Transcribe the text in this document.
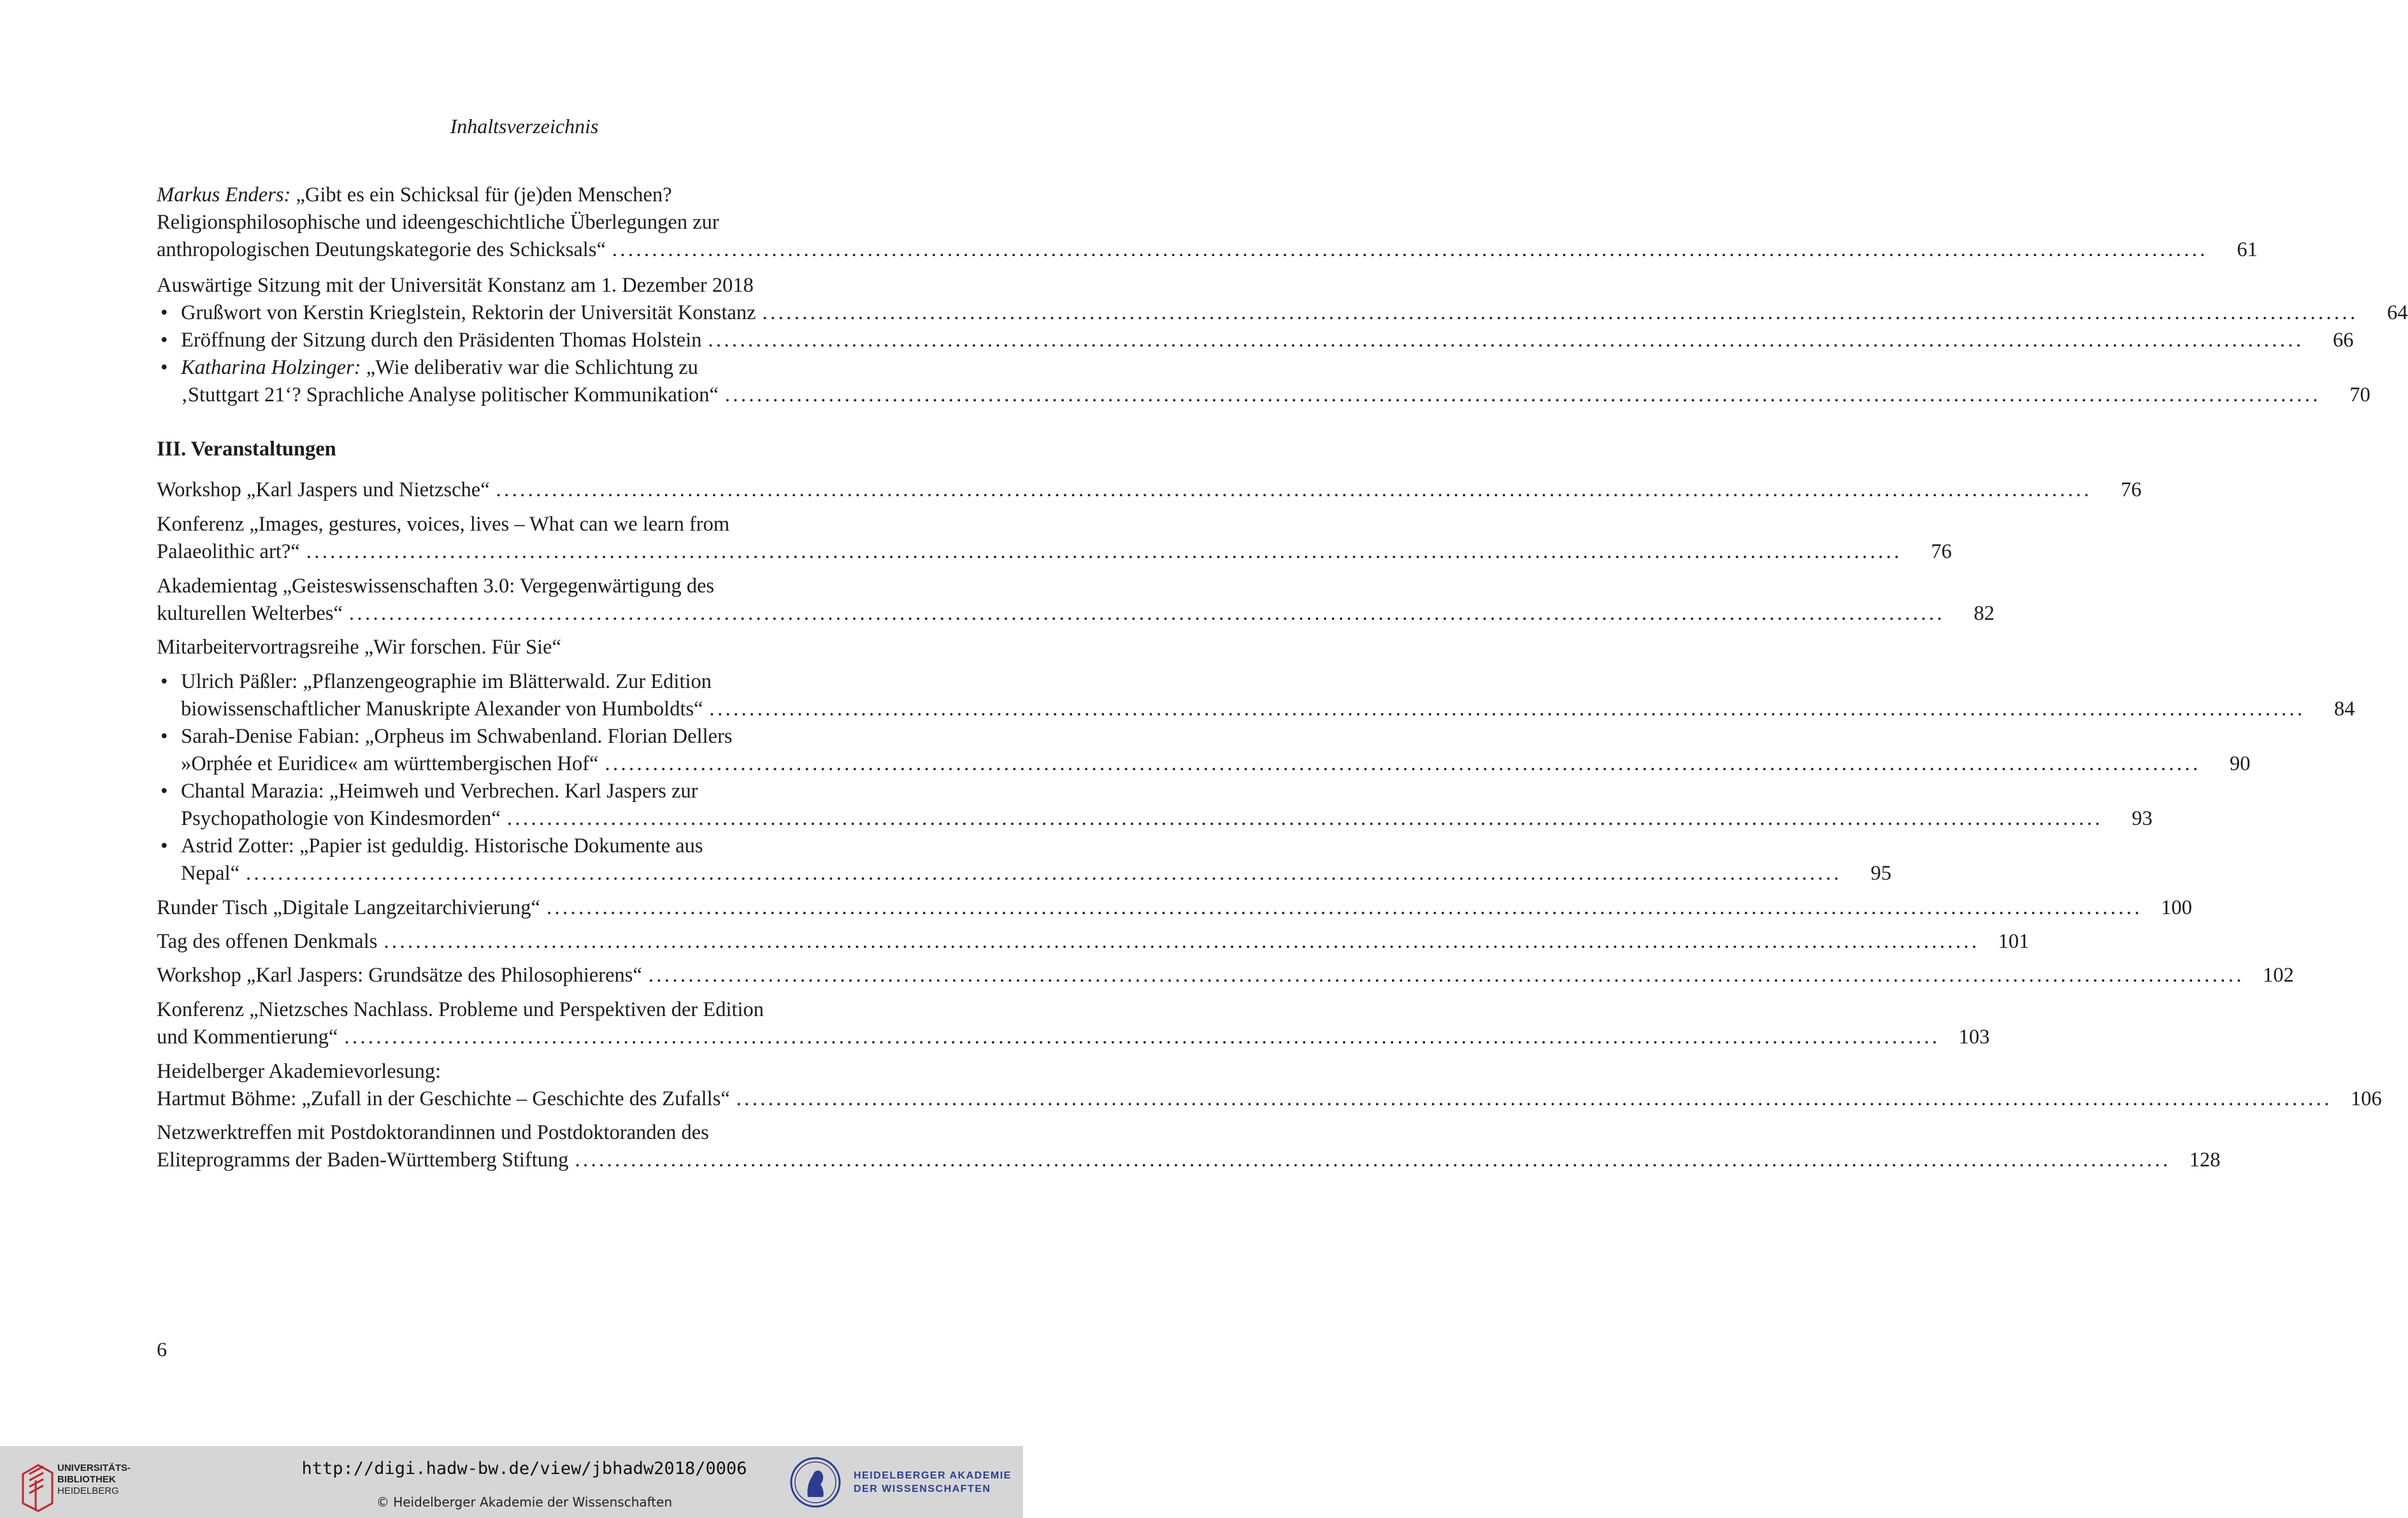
Inhaltsverzeichnis
Markus Enders: „Gibt es ein Schicksal für (je)den Menschen?
Religionsphilosophische und ideengeschichtliche Überlegungen zur
anthropologischen Deutungskategorie des Schicksals“ ........................................................................................................................................................................................................	61
Auswärtige Sitzung mit der Universität Konstanz am 1. Dezember 2018
• Grußwort von Kerstin Krieglstein, Rektorin der Universität Konstanz ........................................................................................................................................................................................................	64
• Eröffnung der Sitzung durch den Präsidenten Thomas Holstein ........................................................................................................................................................................................................	66
• Katharina Holzinger: „Wie deliberativ war die Schlichtung zu
‚Stuttgart 21‘? Sprachliche Analyse politischer Kommunikation“ ........................................................................................................................................................................................................	70
III. Veranstaltungen
Workshop „Karl Jaspers und Nietzsche“ ........................................................................................................................................................................................................	76
Konferenz „Images, gestures, voices, lives – What can we learn from
Palaeolithic art?“ ........................................................................................................................................................................................................	76
Akademientag „Geisteswissenschaften 3.0: Vergegenwärtigung des
kulturellen Welterbes“ ........................................................................................................................................................................................................	82
Mitarbeitervortragsreihe „Wir forschen. Für Sie“
• Ulrich Päßler: „Pflanzengeographie im Blätterwald. Zur Edition
biowissenschaftlicher Manuskripte Alexander von Humboldts“ ........................................................................................................................................................................................................	84
• Sarah-Denise Fabian: „Orpheus im Schwabenland. Florian Dellers
»Orphée et Euridice« am württembergischen Hof“ ........................................................................................................................................................................................................	90
• Chantal Marazia: „Heimweh und Verbrechen. Karl Jaspers zur
Psychopathologie von Kindesmorden“ ........................................................................................................................................................................................................	93
• Astrid Zotter: „Papier ist geduldig. Historische Dokumente aus
Nepal“ ........................................................................................................................................................................................................	95
Runder Tisch „Digitale Langzeitarchivierung“ ........................................................................................................................................................................................................ 100
Tag des offenen Denkmals ........................................................................................................................................................................................................ 101
Workshop „Karl Jaspers: Grundsätze des Philosophierens“ ........................................................................................................................................................................................................ 102
Konferenz „Nietzsches Nachlass. Probleme und Perspektiven der Edition
und Kommentierung“ ........................................................................................................................................................................................................ 103
Heidelberger Akademievorlesung:
Hartmut Böhme: „Zufall in der Geschichte – Geschichte des Zufalls“ ........................................................................................................................................................................................................ 106
Netzwerktreffen mit Postdoktorandinnen und Postdoktoranden des
Eliteprogramms der Baden-Württemberg Stiftung ........................................................................................................................................................................................................ 128
6
UNIVERSITÄTS-
BIBLIOTHEK
HEIDELBERG
http://digi.hadw-bw.de/view/jbhadw2018/0006
© Heidelberger Akademie der Wissenschaften
HEIDELBERGER AKADEMIE
DER WISSENSCHAFTEN
